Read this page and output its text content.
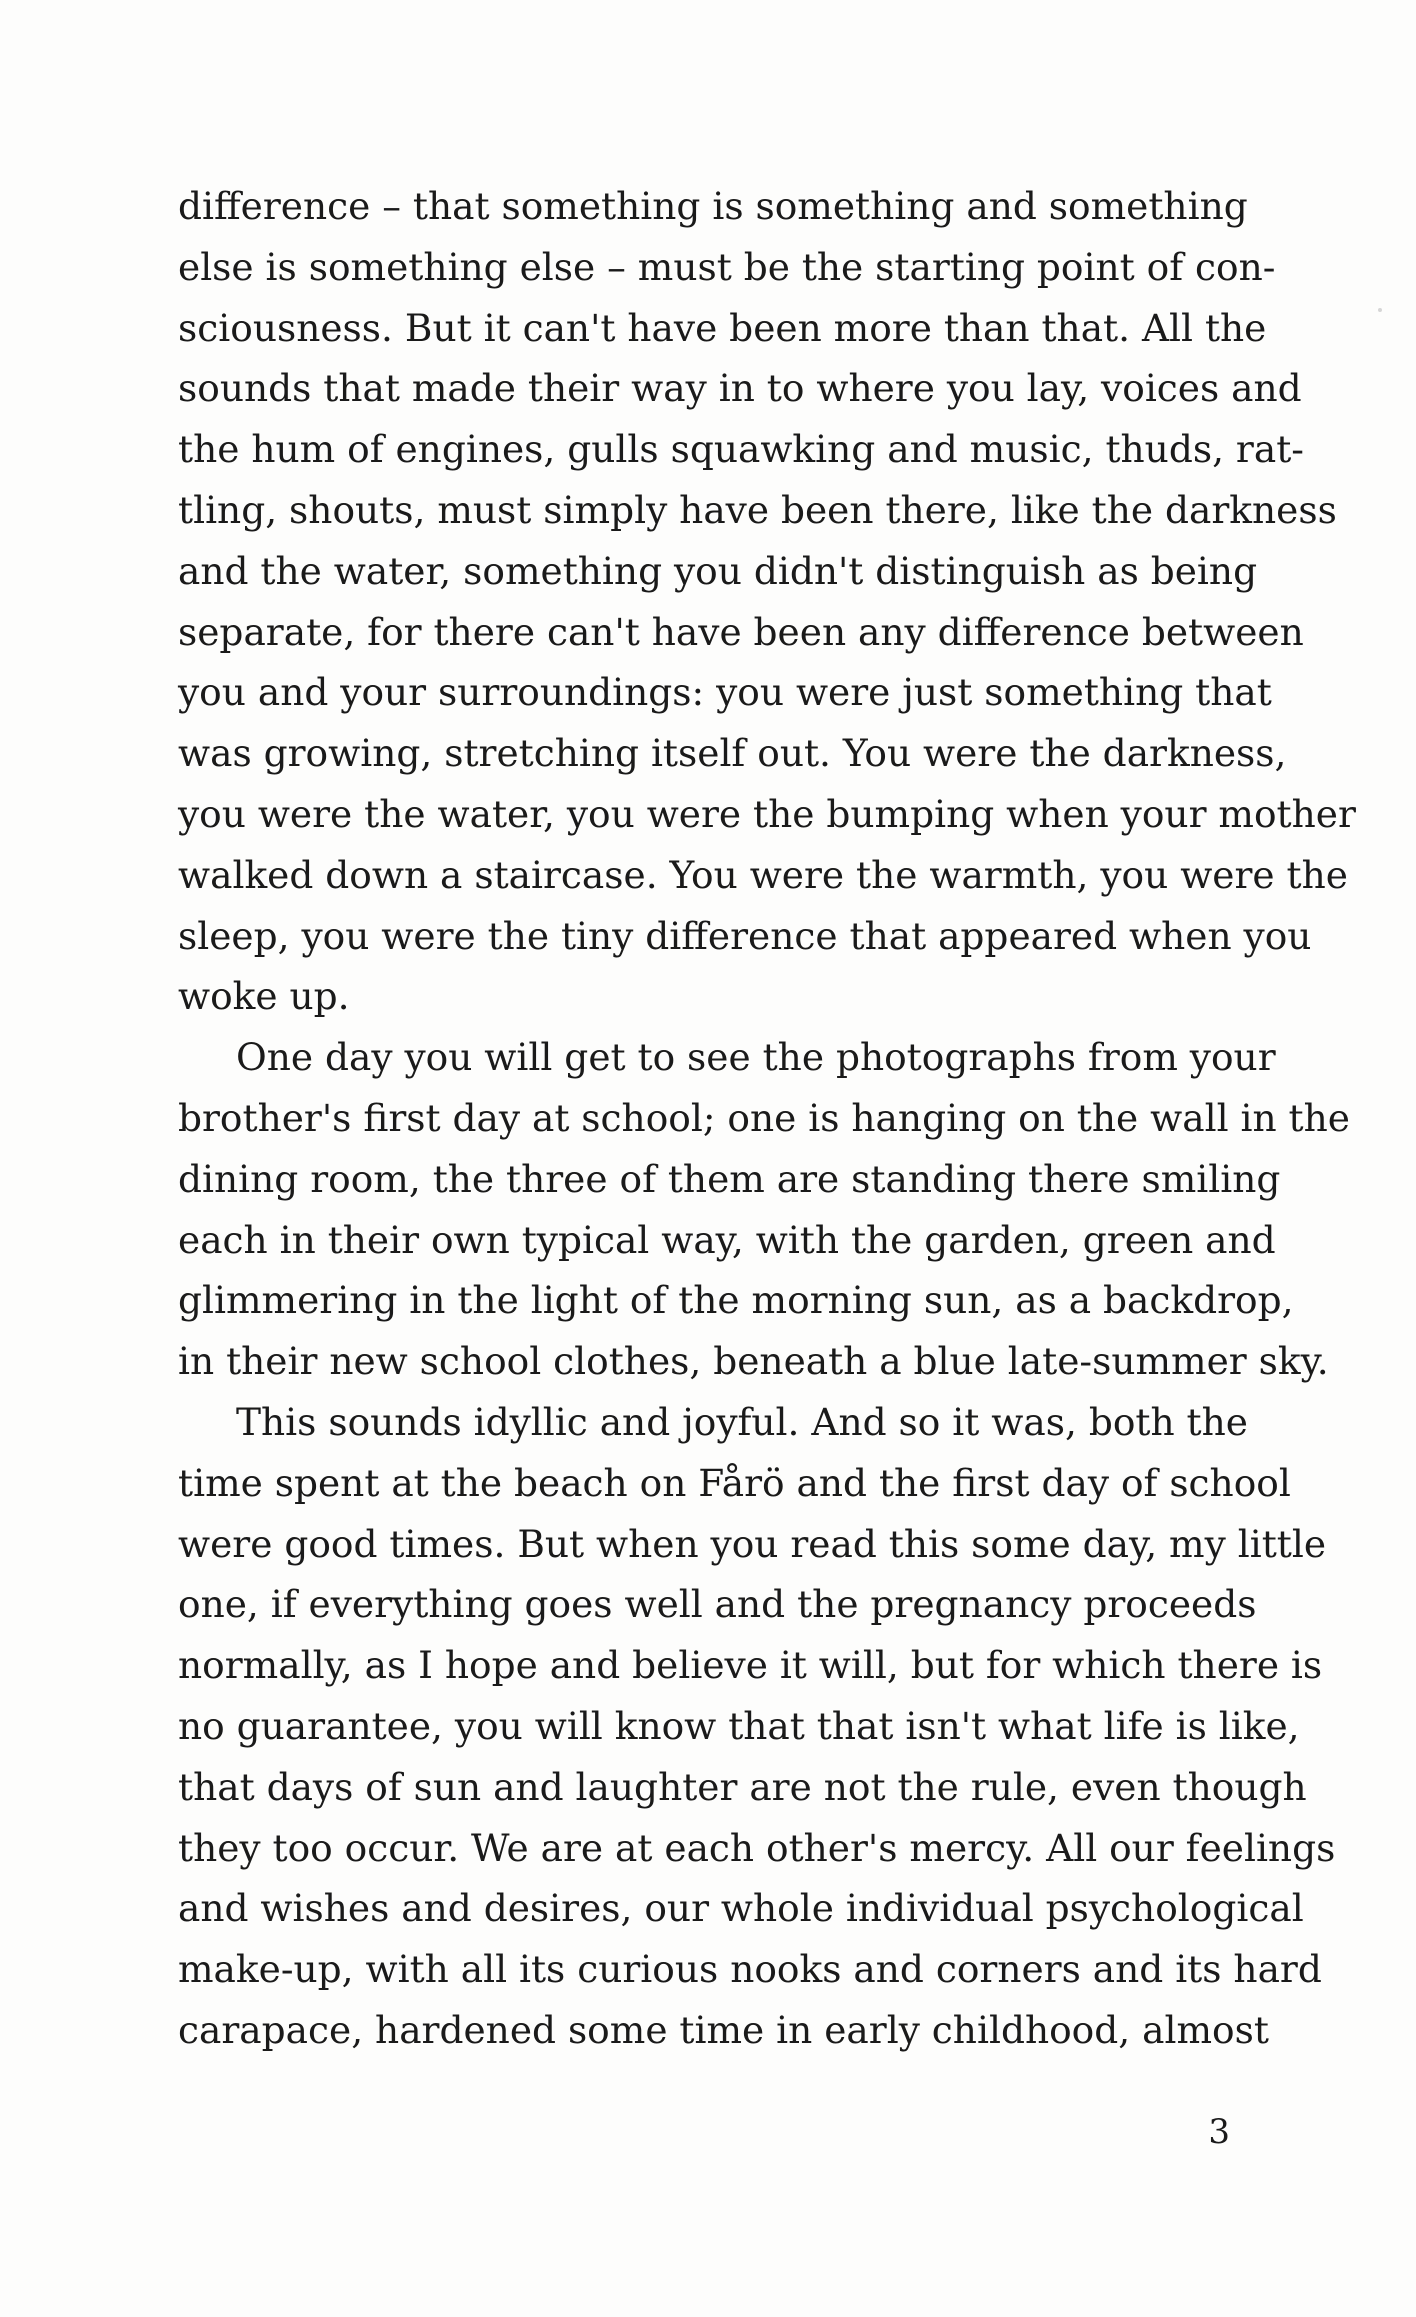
difference – that something is something and something
else is something else – must be the starting point of con-
sciousness. But it can't have been more than that. All the
sounds that made their way in to where you lay, voices and
the hum of engines, gulls squawking and music, thuds, rat-
tling, shouts, must simply have been there, like the darkness
and the water, something you didn't distinguish as being
separate, for there can't have been any difference between
you and your surroundings: you were just something that
was growing, stretching itself out. You were the darkness,
you were the water, you were the bumping when your mother
walked down a staircase. You were the warmth, you were the
sleep, you were the tiny difference that appeared when you
woke up.
One day you will get to see the photographs from your
brother's first day at school; one is hanging on the wall in the
dining room, the three of them are standing there smiling
each in their own typical way, with the garden, green and
glimmering in the light of the morning sun, as a backdrop,
in their new school clothes, beneath a blue late-summer sky.
This sounds idyllic and joyful. And so it was, both the
time spent at the beach on Fårö and the first day of school
were good times. But when you read this some day, my little
one, if everything goes well and the pregnancy proceeds
normally, as I hope and believe it will, but for which there is
no guarantee, you will know that that isn't what life is like,
that days of sun and laughter are not the rule, even though
they too occur. We are at each other's mercy. All our feelings
and wishes and desires, our whole individual psychological
make-up, with all its curious nooks and corners and its hard
carapace, hardened some time in early childhood, almost
3
